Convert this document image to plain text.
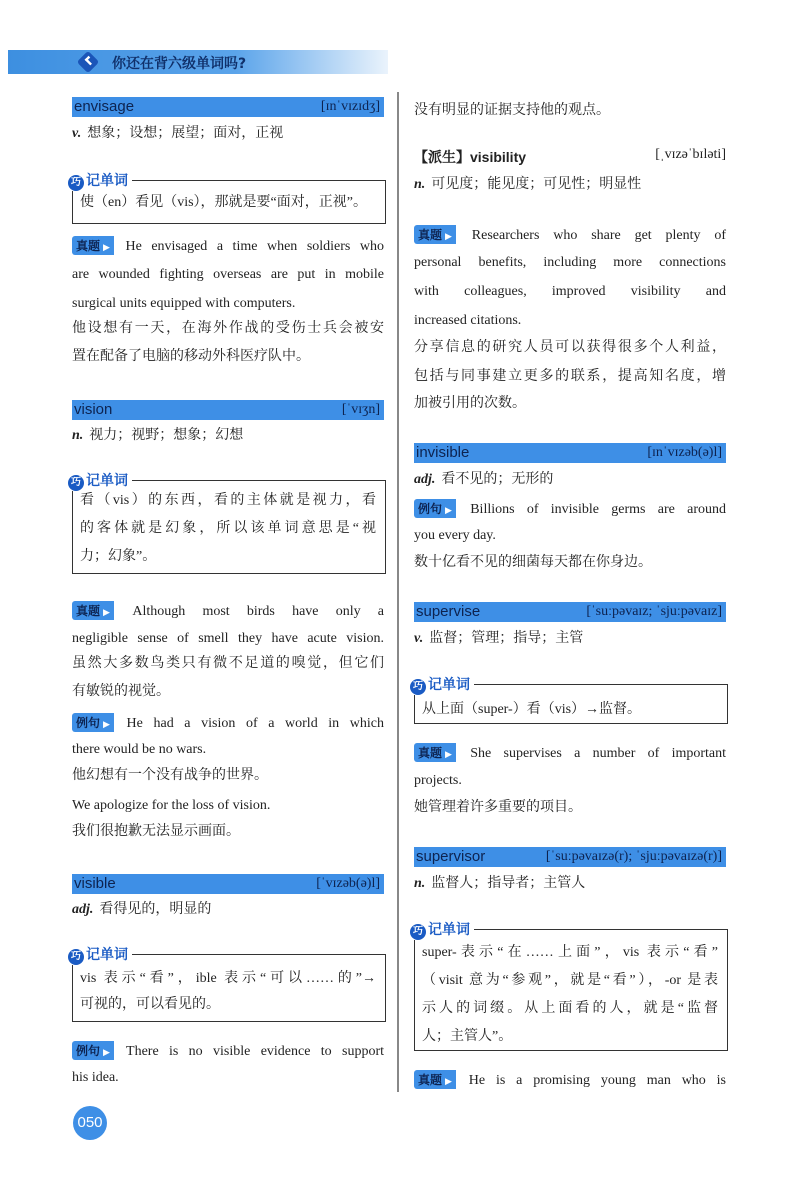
你还在背六级单词吗?
envisage	[ɪnˈvɪzɪdʒ]
v. 想象；设想；展望；面对，正视
巧 记单词
使（en）看见（vis），那就是要“面对，正视”。
真题 ▶ He envisaged a time when soldiers who
are wounded fighting overseas are put in mobile
surgical units equipped with computers.
他设想有一天，在海外作战的受伤士兵会被安
置在配备了电脑的移动外科医疗队中。
vision	[ˈvɪʒn]
n. 视力；视野；想象；幻想
巧 记单词
看（vis）的东西，看的主体就是视力，看
的客体就是幻象，所以该单词意思是“视
力；幻象”。
真题 ▶ Although most birds have only a
negligible sense of smell they have acute vision.
虽然大多数鸟类只有微不足道的嗅觉，但它们
有敏锐的视觉。
例句 ▶ He had a vision of a world in which
there would be no wars.
他幻想有一个没有战争的世界。
We apologize for the loss of vision.
我们很抱歉无法显示画面。
visible	[ˈvɪzəb(ə)l]
adj. 看得见的，明显的
巧 记单词
vis 表示“看”，ible 表示“可以……的”→
可视的，可以看见的。
例句 ▶ There is no visible evidence to support
his idea.
没有明显的证据支持他的观点。
【派生】visibility	[ˌvɪzəˈbɪləti]
n. 可见度；能见度；可见性；明显性
真题 ▶ Researchers who share get plenty of
personal benefits, including more connections
with colleagues, improved visibility and
increased citations.
分享信息的研究人员可以获得很多个人利益，
包括与同事建立更多的联系，提高知名度，增
加被引用的次数。
invisible	[ɪnˈvɪzəb(ə)l]
adj. 看不见的；无形的
例句 ▶ Billions of invisible germs are around
you every day.
数十亿看不见的细菌每天都在你身边。
supervise	[ˈsuːpəvaɪz; ˈsjuːpəvaɪz]
v. 监督；管理；指导；主管
巧 记单词
从上面（super-）看（vis）→监督。
真题 ▶ She supervises a number of important
projects.
她管理着许多重要的项目。
supervisor	[ˈsuːpəvaɪzə(r); ˈsjuːpəvaɪzə(r)]
n. 监督人；指导者；主管人
巧 记单词
super-表示“在……上面”，vis 表示“看”
（visit 意为“参观”，就是“看”），-or 是表
示人的词缀。从上面看的人，就是“监督
人；主管人”。
真题 ▶ He is a promising young man who is
050
